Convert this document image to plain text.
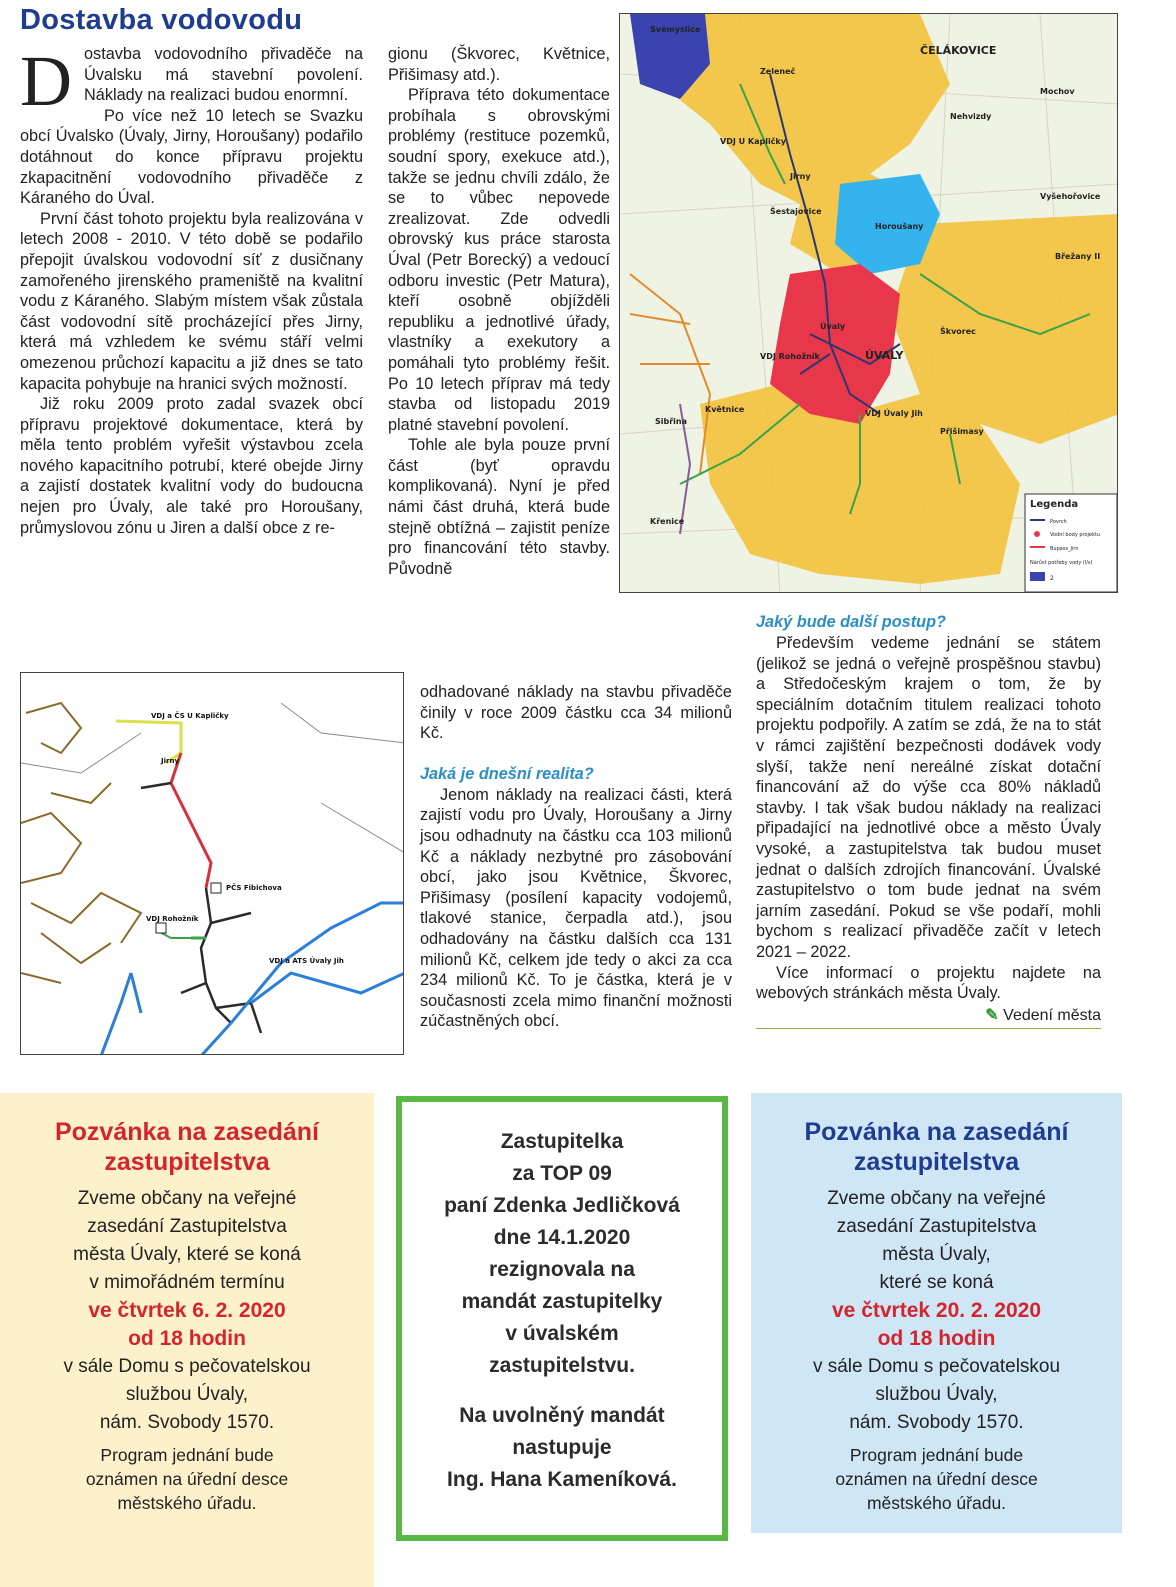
Dostavba vodovodu
D ostavba vodovodního přivaděče na Úvalsku má stavební povolení. Náklady na realizaci budou enormní.

Po více než 10 letech se Svazku obcí Úvalsko (Úvaly, Jirny, Horoušany) podařilo dotáhnout do konce přípravu projektu zkapacitnění vodovodního přivaděče z Káraného do Úval.

První část tohoto projektu byla realizována v letech 2008 - 2010. V této době se podařilo přepojit úvalskou vodovodní síť z dusičnany zamořeného jirenského prameniště na kvalitní vodu z Káraného. Slabým místem však zůstala část vodovodní sítě procházející přes Jirny, která má vzhledem ke svému stáří velmi omezenou průchozí kapacitu a již dnes se tato kapacita pohybuje na hranici svých možností.

Již roku 2009 proto zadal svazek obcí přípravu projektové dokumentace, která by měla tento problém vyřešit výstavbou zcela nového kapacitního potrubí, které obejde Jirny a zajistí dostatek kvalitní vody do budoucna nejen pro Úvaly, ale také pro Horoušany, průmyslovou zónu u Jiren a další obce z re-

gionu (Škvorec, Květnice, Přišimasy atd.).

Příprava této dokumentace probíhala s obrovskými problémy (restituce pozemků, soudní spory, exekuce atd.), takže se jednu chvíli zdálo, že se to vůbec nepovede zrealizovat. Zde odvedli obrovský kus práce starosta Úval (Petr Borecký) a vedoucí odboru investic (Petr Matura), kteří osobně objížděli republiku a jednotlivé úřady, vlastníky a exekutory a pomáhali tyto problémy řešit. Po 10 letech příprav má tedy stavba od listopadu 2019 platné stavební povolení.

Tohle ale byla pouze první část (byť opravdu komplikovaná). Nyní je před námi část druhá, která bude stejně obtížná – zajistit peníze pro financování této stavby. Původně

odhadované náklady na stavbu přivaděče činily v roce 2009 částku cca 34 milionů Kč.

Jaká je dnešní realita?

Jenom náklady na realizaci části, která zajistí vodu pro Úvaly, Horoušany a Jirny jsou odhadnuty na částku cca 103 milionů Kč a náklady nezbytné pro zásobování obcí, jako jsou Květnice, Škvorec, Přišimasy (posílení kapacity vodojemů, tlakové stanice, čerpadla atd.), jsou odhadovány na částku dalších cca 131 milionů Kč, celkem jde tedy o akci za cca 234 milionů Kč. To je částka, která je v současnosti zcela mimo finanční možnosti zúčastněných obcí.

Jaký bude další postup?

Především vedeme jednání se státem (jelikož se jedná o veřejně prospěšnou stavbu) a Středočeským krajem o tom, že by speciálním dotačním titulem realizaci tohoto projektu podpořily. A zatím se zdá, že na to stát v rámci zajištění bezpečnosti dodávek vody slyší, takže není nereálné získat dotační financování až do výše cca 80% nákladů stavby. I tak však budou náklady na realizaci připadající na jednotlivé obce a město Úvaly vysoké, a zastupitelstva tak budou muset jednat o dalších zdrojích financování. Úvalské zastupitelstvo o tom bude jednat na svém jarním zasedání. Pokud se vše podaří, mohli bychom s realizací přivaděče začít v letech 2021 – 2022.

Více informací o projektu najdete na webových stránkách města Úvaly.

✎ Vedení města
Svémyslice
Zeleneč
ČELÁKOVICE
Mochov
Nehvizdy
VDJ U Kapličky
Jirny
Šestajovice
Horoušany
Vyšehořovice
Úvaly
ÚVALY
VDJ Rohožník
VDJ Úvaly Jih
Květnice
Sibřina
Škvorec
Přišimasy
Křenice
Břežany II
Legenda
Povrch
Vodní body projektu
Bupass_Jirn
Nárůst potřeby vody (l/s)
2
VDJ a ČS U Kapličky
Jirny
PČS Fibichova
VDJ Rohožník
VDJ a ATS Úvaly Jih
Pozvánka na zasedání zastupitelstva

Zveme občany na veřejné

zasedání Zastupitelstva

města Úvaly, které se koná

v mimořádném termínu

ve čtvrtek 6. 2. 2020
od 18 hodin

v sále Domu s pečovatelskou

službou Úvaly,

nám. Svobody 1570.

Program jednání bude
oznámen na úřední desce
městského úřadu.
Zastupitelka
za TOP 09
paní Zdenka Jedličková
dne 14.1.2020
rezignovala na
mandát zastupitelky
v úvalském
zastupitelstvu.
Na uvolněný mandát
nastupuje
Ing. Hana Kameníková.
Pozvánka na zasedání zastupitelstva

Zveme občany na veřejné

zasedání Zastupitelstva

města Úvaly,

které se koná

ve čtvrtek 20. 2. 2020
od 18 hodin

v sále Domu s pečovatelskou

službou Úvaly,

nám. Svobody 1570.

Program jednání bude
oznámen na úřední desce
městského úřadu.
